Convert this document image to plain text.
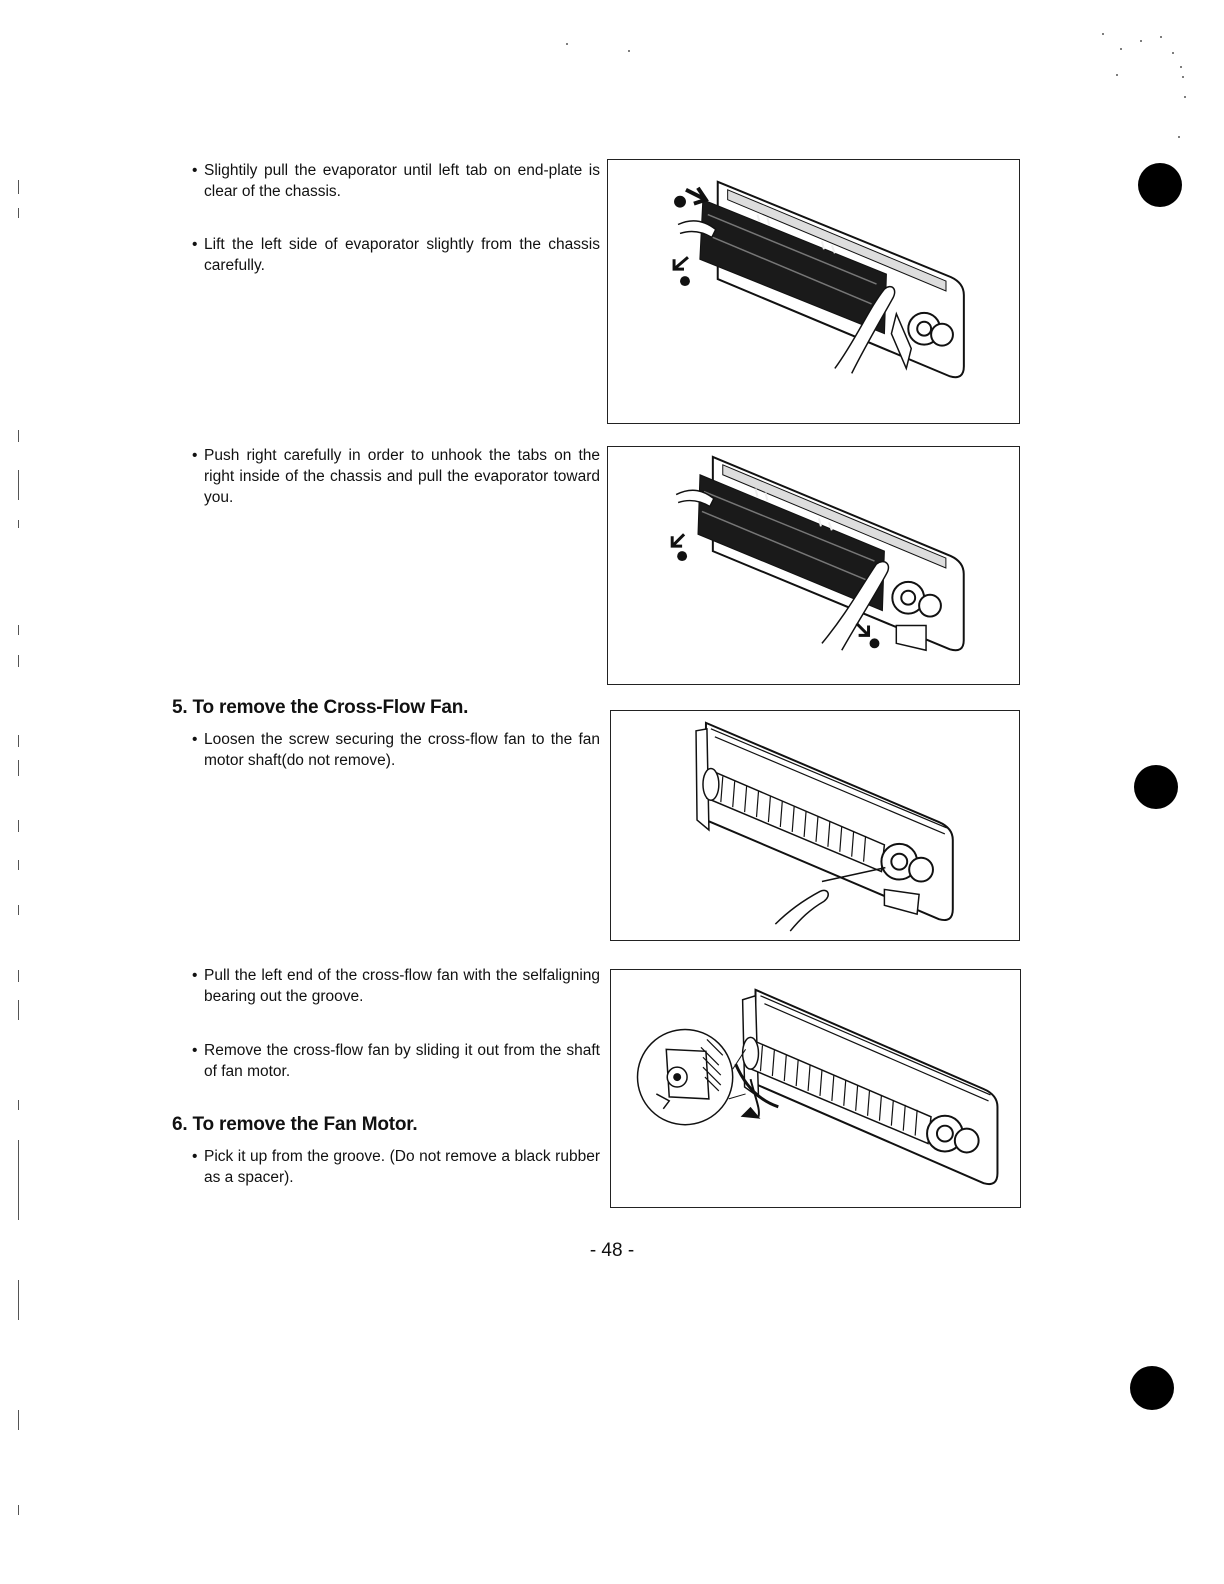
• Slightily pull the evaporator until left tab on end-plate is clear of the chassis.

• Lift the left side of evaporator slightly from the chassis carefully.

• Push right carefully in order to unhook the tabs on the right inside of the chassis and pull the evaporator toward you.

5. To remove the Cross-Flow Fan.

• Loosen the screw securing the cross-flow fan to the fan motor shaft(do not remove).

• Pull the left end of the cross-flow fan with the selfaligning bearing out the groove.

• Remove the cross-flow fan by sliding it out from the shaft of fan motor.

6. To remove the Fan Motor.

• Pick it up from the groove. (Do not remove a black rubber as a spacer).

- 48 -
